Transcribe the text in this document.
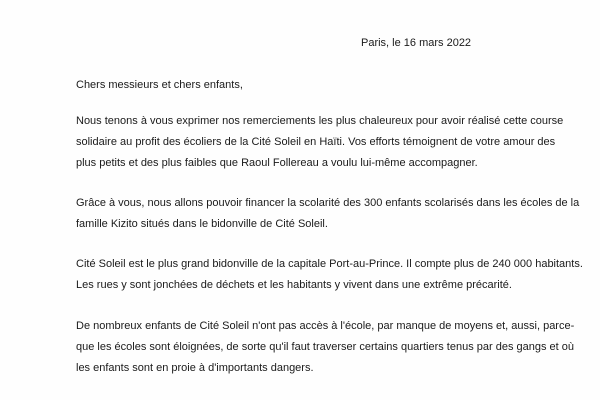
Paris, le 16 mars 2022
Chers messieurs et chers enfants,
Nous tenons à vous exprimer nos remerciements les plus chaleureux pour avoir réalisé cette course
solidaire au profit des écoliers de la Cité Soleil en Haïti. Vos efforts témoignent de votre amour des
plus petits et des plus faibles que Raoul Follereau a voulu lui-même accompagner.
Grâce à vous, nous allons pouvoir financer la scolarité des 300 enfants scolarisés dans les écoles de la
famille Kizito situés dans le bidonville de Cité Soleil.
Cité Soleil est le plus grand bidonville de la capitale Port-au-Prince. Il compte plus de 240 000 habitants.
Les rues y sont jonchées de déchets et les habitants y vivent dans une extrême précarité.
De nombreux enfants de Cité Soleil n'ont pas accès à l'école, par manque de moyens et, aussi, parce-
que les écoles sont éloignées, de sorte qu'il faut traverser certains quartiers tenus par des gangs et où
les enfants sont en proie à d'importants dangers.
